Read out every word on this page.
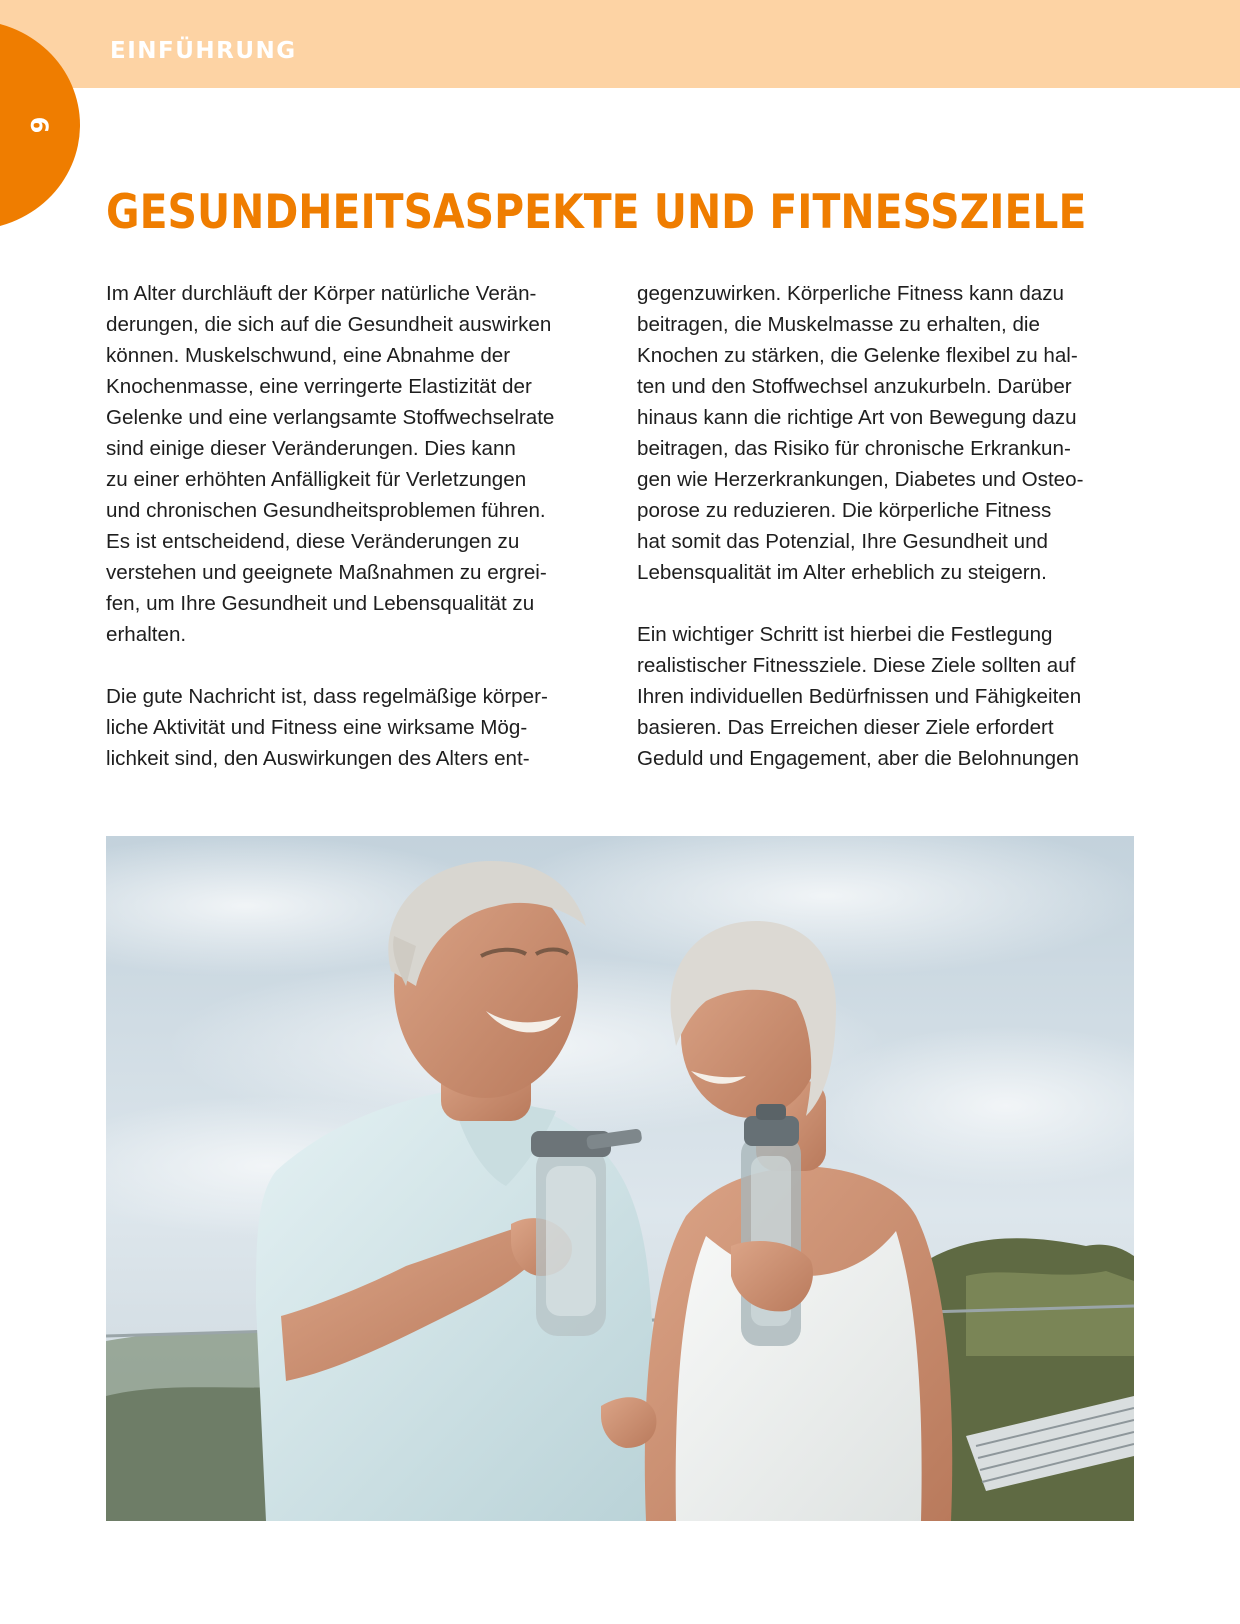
EINFÜHRUNG
6
GESUNDHEITSASPEKTE UND FITNESSZIELE

Im Alter durchläuft der Körper natürliche Verän-
derungen, die sich auf die Gesundheit auswirken
können. Muskelschwund, eine Abnahme der
Knochenmasse, eine verringerte Elastizität der
Gelenke und eine verlangsamte Stoffwechselrate
sind einige dieser Veränderungen. Dies kann
zu einer erhöhten Anfälligkeit für Verletzungen
und chronischen Gesundheitsproblemen führen.
Es ist entscheidend, diese Veränderungen zu
verstehen und geeignete Maßnahmen zu ergrei-
fen, um Ihre Gesundheit und Lebensqualität zu
erhalten.

Die gute Nachricht ist, dass regelmäßige körper-
liche Aktivität und Fitness eine wirksame Mög-
lichkeit sind, den Auswirkungen des Alters ent-

gegenzuwirken. Körperliche Fitness kann dazu
beitragen, die Muskelmasse zu erhalten, die
Knochen zu stärken, die Gelenke flexibel zu hal-
ten und den Stoffwechsel anzukurbeln. Darüber
hinaus kann die richtige Art von Bewegung dazu
beitragen, das Risiko für chronische Erkrankun-
gen wie Herzerkrankungen, Diabetes und Osteo-
porose zu reduzieren. Die körperliche Fitness
hat somit das Potenzial, Ihre Gesundheit und
Lebensqualität im Alter erheblich zu steigern.

Ein wichtiger Schritt ist hierbei die Festlegung
realistischer Fitnessziele. Diese Ziele sollten auf
Ihren individuellen Bedürfnissen und Fähigkeiten
basieren. Das Erreichen dieser Ziele erfordert
Geduld und Engagement, aber die Belohnungen
